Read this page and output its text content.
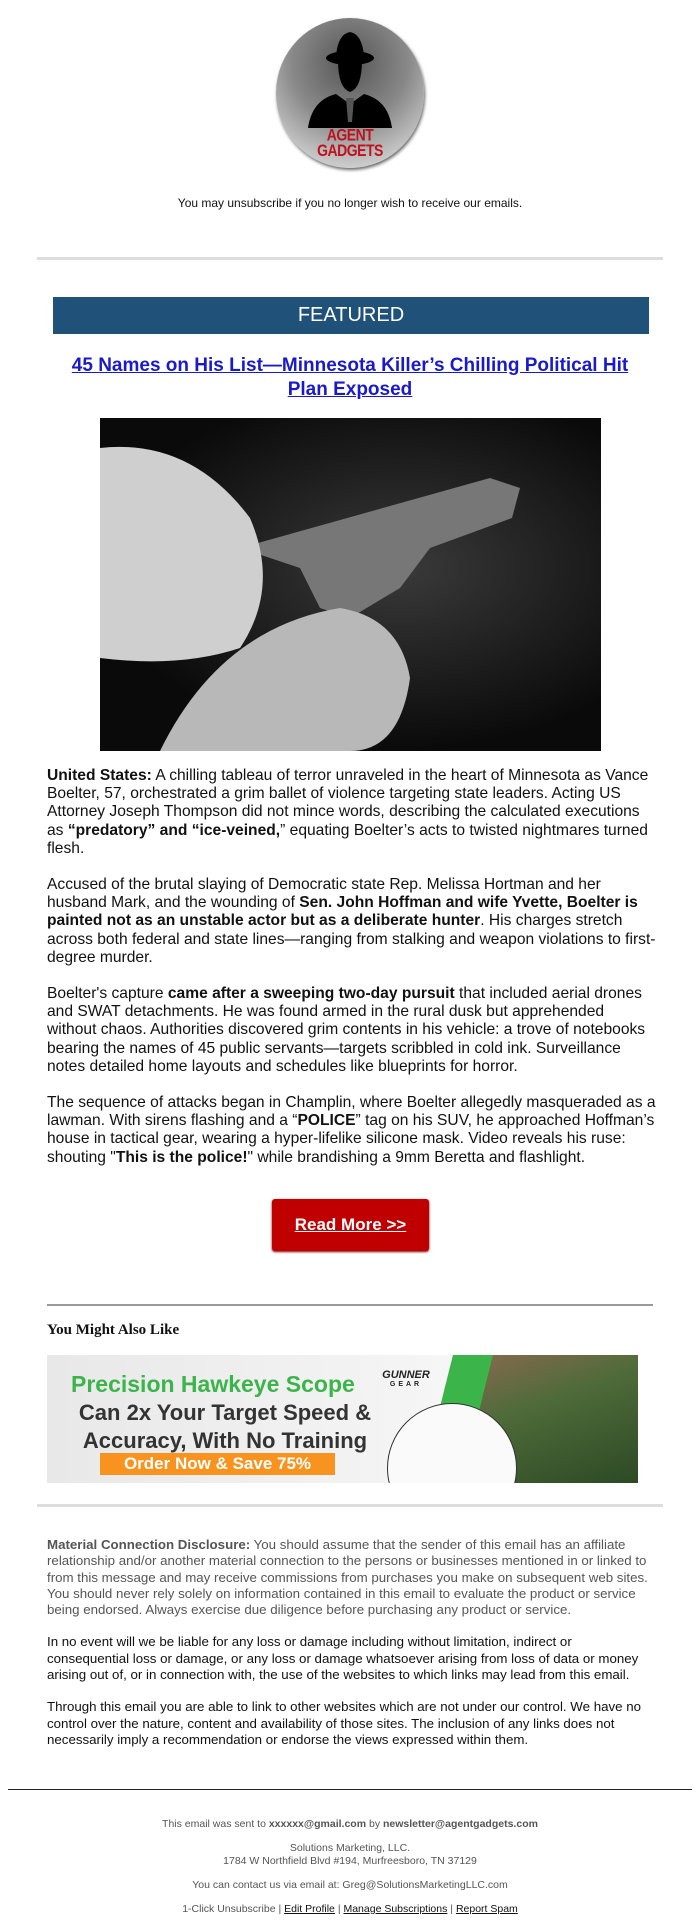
AGENT
GADGETS
You may unsubscribe if you no longer wish to receive our emails.
FEATURED
45 Names on His List—Minnesota Killer’s Chilling Political Hit Plan Exposed

United States: A chilling tableau of terror unraveled in the heart of Minnesota as Vance Boelter, 57, orchestrated a grim ballet of violence targeting state leaders. Acting US Attorney Joseph Thompson did not mince words, describing the calculated executions as “predatory” and “ice-veined,” equating Boelter’s acts to twisted nightmares turned flesh.

Accused of the brutal slaying of Democratic state Rep. Melissa Hortman and her husband Mark, and the wounding of Sen. John Hoffman and wife Yvette, Boelter is painted not as an unstable actor but as a deliberate hunter. His charges stretch across both federal and state lines—ranging from stalking and weapon violations to first-degree murder.

Boelter's capture came after a sweeping two-day pursuit that included aerial drones and SWAT detachments. He was found armed in the rural dusk but apprehended without chaos. Authorities discovered grim contents in his vehicle: a trove of notebooks bearing the names of 45 public servants—targets scribbled in cold ink. Surveillance notes detailed home layouts and schedules like blueprints for horror.

The sequence of attacks began in Champlin, where Boelter allegedly masqueraded as a lawman. With sirens flashing and a “POLICE” tag on his SUV, he approached Hoffman’s house in tactical gear, wearing a hyper-lifelike silicone mask. Video reveals his ruse: shouting "This is the police!" while brandishing a 9mm Beretta and flashlight.

Read More >>
You Might Also Like
Precision Hawkeye Scope
Can 2x Your Target Speed & Accuracy, With No Training
Order Now & Save 75%
GUNNER
GEAR

Material Connection Disclosure: You should assume that the sender of this email has an affiliate relationship and/or another material connection to the persons or businesses mentioned in or linked to from this message and may receive commissions from purchases you make on subsequent web sites. You should never rely solely on information contained in this email to evaluate the product or service being endorsed. Always exercise due diligence before purchasing any product or service.

In no event will we be liable for any loss or damage including without limitation, indirect or consequential loss or damage, or any loss or damage whatsoever arising from loss of data or money arising out of, or in connection with, the use of the websites to which links may lead from this email.

Through this email you are able to link to other websites which are not under our control. We have no control over the nature, content and availability of those sites. The inclusion of any links does not necessarily imply a recommendation or endorse the views expressed within them.

This email was sent to xxxxxx@gmail.com by newsletter@agentgadgets.com

Solutions Marketing, LLC.
1784 W Northfield Blvd #194, Murfreesboro, TN 37129

You can contact us via email at: Greg@SolutionsMarketingLLC.com

1-Click Unsubscribe | Edit Profile | Manage Subscriptions | Report Spam
